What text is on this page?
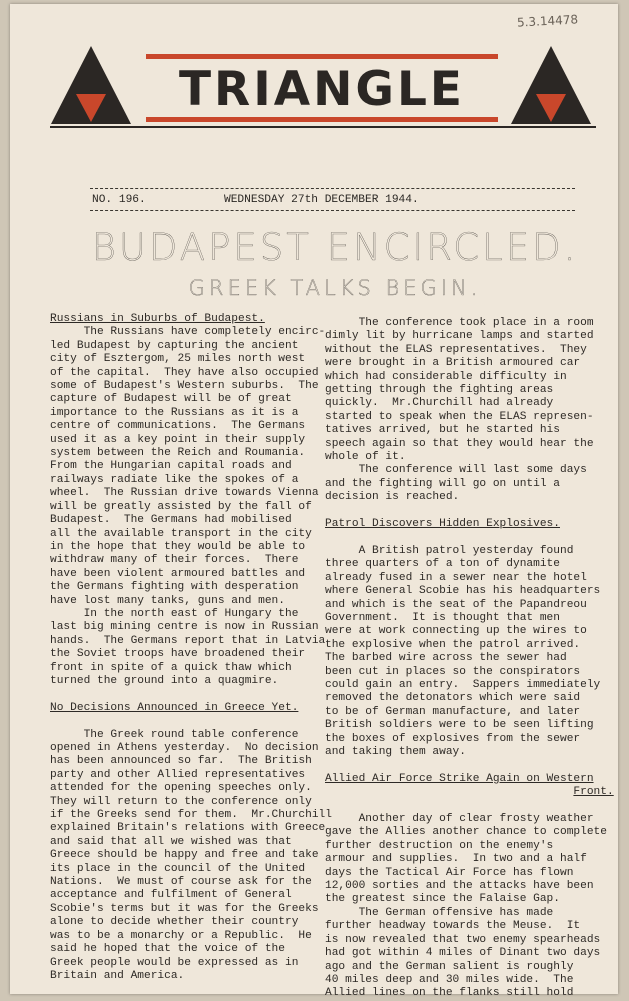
5.3.14478
TRIANGLE
NO. 196.	WEDNESDAY 27th DECEMBER 1944.
BUDAPEST ENCIRCLED.
GREEK TALKS BEGIN.
Russians in Suburbs of Budapest.
The Russians have completely encirc-
led Budapest by capturing the ancient
city of Esztergom, 25 miles north west
of the capital.  They have also occupied
some of Budapest's Western suburbs.  The
capture of Budapest will be of great
importance to the Russians as it is a
centre of communications.  The Germans
used it as a key point in their supply
system between the Reich and Roumania.
From the Hungarian capital roads and
railways radiate like the spokes of a
wheel.  The Russian drive towards Vienna
will be greatly assisted by the fall of
Budapest.  The Germans had mobilised
all the available transport in the city
in the hope that they would be able to
withdraw many of their forces.  There
have been violent armoured battles and
the Germans fighting with desperation
have lost many tanks, guns and men.
In the north east of Hungary the
last big mining centre is now in Russian
hands.  The Germans report that in Latvia
the Soviet troops have broadened their
front in spite of a quick thaw which
turned the ground into a quagmire.

No Decisions Announced in Greece Yet.

The Greek round table conference
opened in Athens yesterday.  No decision
has been announced so far.  The British
party and other Allied representatives
attended for the opening speeches only.
They will return to the conference only
if the Greeks send for them.  Mr.Churchill
explained Britain's relations with Greece
and said that all we wished was that
Greece should be happy and free and take
its place in the council of the United
Nations.  We must of course ask for the
acceptance and fulfilment of General
Scobie's terms but it was for the Greeks
alone to decide whether their country
was to be a monarchy or a Republic.  He
said he hoped that the voice of the
Greek people would be expressed as in
Britain and America.
The conference took place in a room
dimly lit by hurricane lamps and started
without the ELAS representatives.  They
were brought in a British armoured car
which had considerable difficulty in
getting through the fighting areas
quickly.  Mr.Churchill had already
started to speak when the ELAS represen-
tatives arrived, but he started his
speech again so that they would hear the
whole of it.
The conference will last some days
and the fighting will go on until a
decision is reached.

Patrol Discovers Hidden Explosives.

A British patrol yesterday found
three quarters of a ton of dynamite
already fused in a sewer near the hotel
where General Scobie has his headquarters
and which is the seat of the Papandreou
Government.  It is thought that men
were at work connecting up the wires to
the explosive when the patrol arrived.
The barbed wire across the sewer had
been cut in places so the conspirators
could gain an entry.  Sappers immediately
removed the detonators which were said
to be of German manufacture, and later
British soldiers were to be seen lifting
the boxes of explosives from the sewer
and taking them away.

Allied Air Force Strike Again on Western
Front.

Another day of clear frosty weather
gave the Allies another chance to complete
further destruction on the enemy's
armour and supplies.  In two and a half
days the Tactical Air Force has flown
12,000 sorties and the attacks have been
the greatest since the Falaise Gap.
The German offensive has made
further headway towards the Meuse.  It
is now revealed that two enemy spearheads
had got within 4 miles of Dinant two days
ago and the German salient is roughly
40 miles deep and 30 miles wide.  The
Allied lines on the flanks still hold
